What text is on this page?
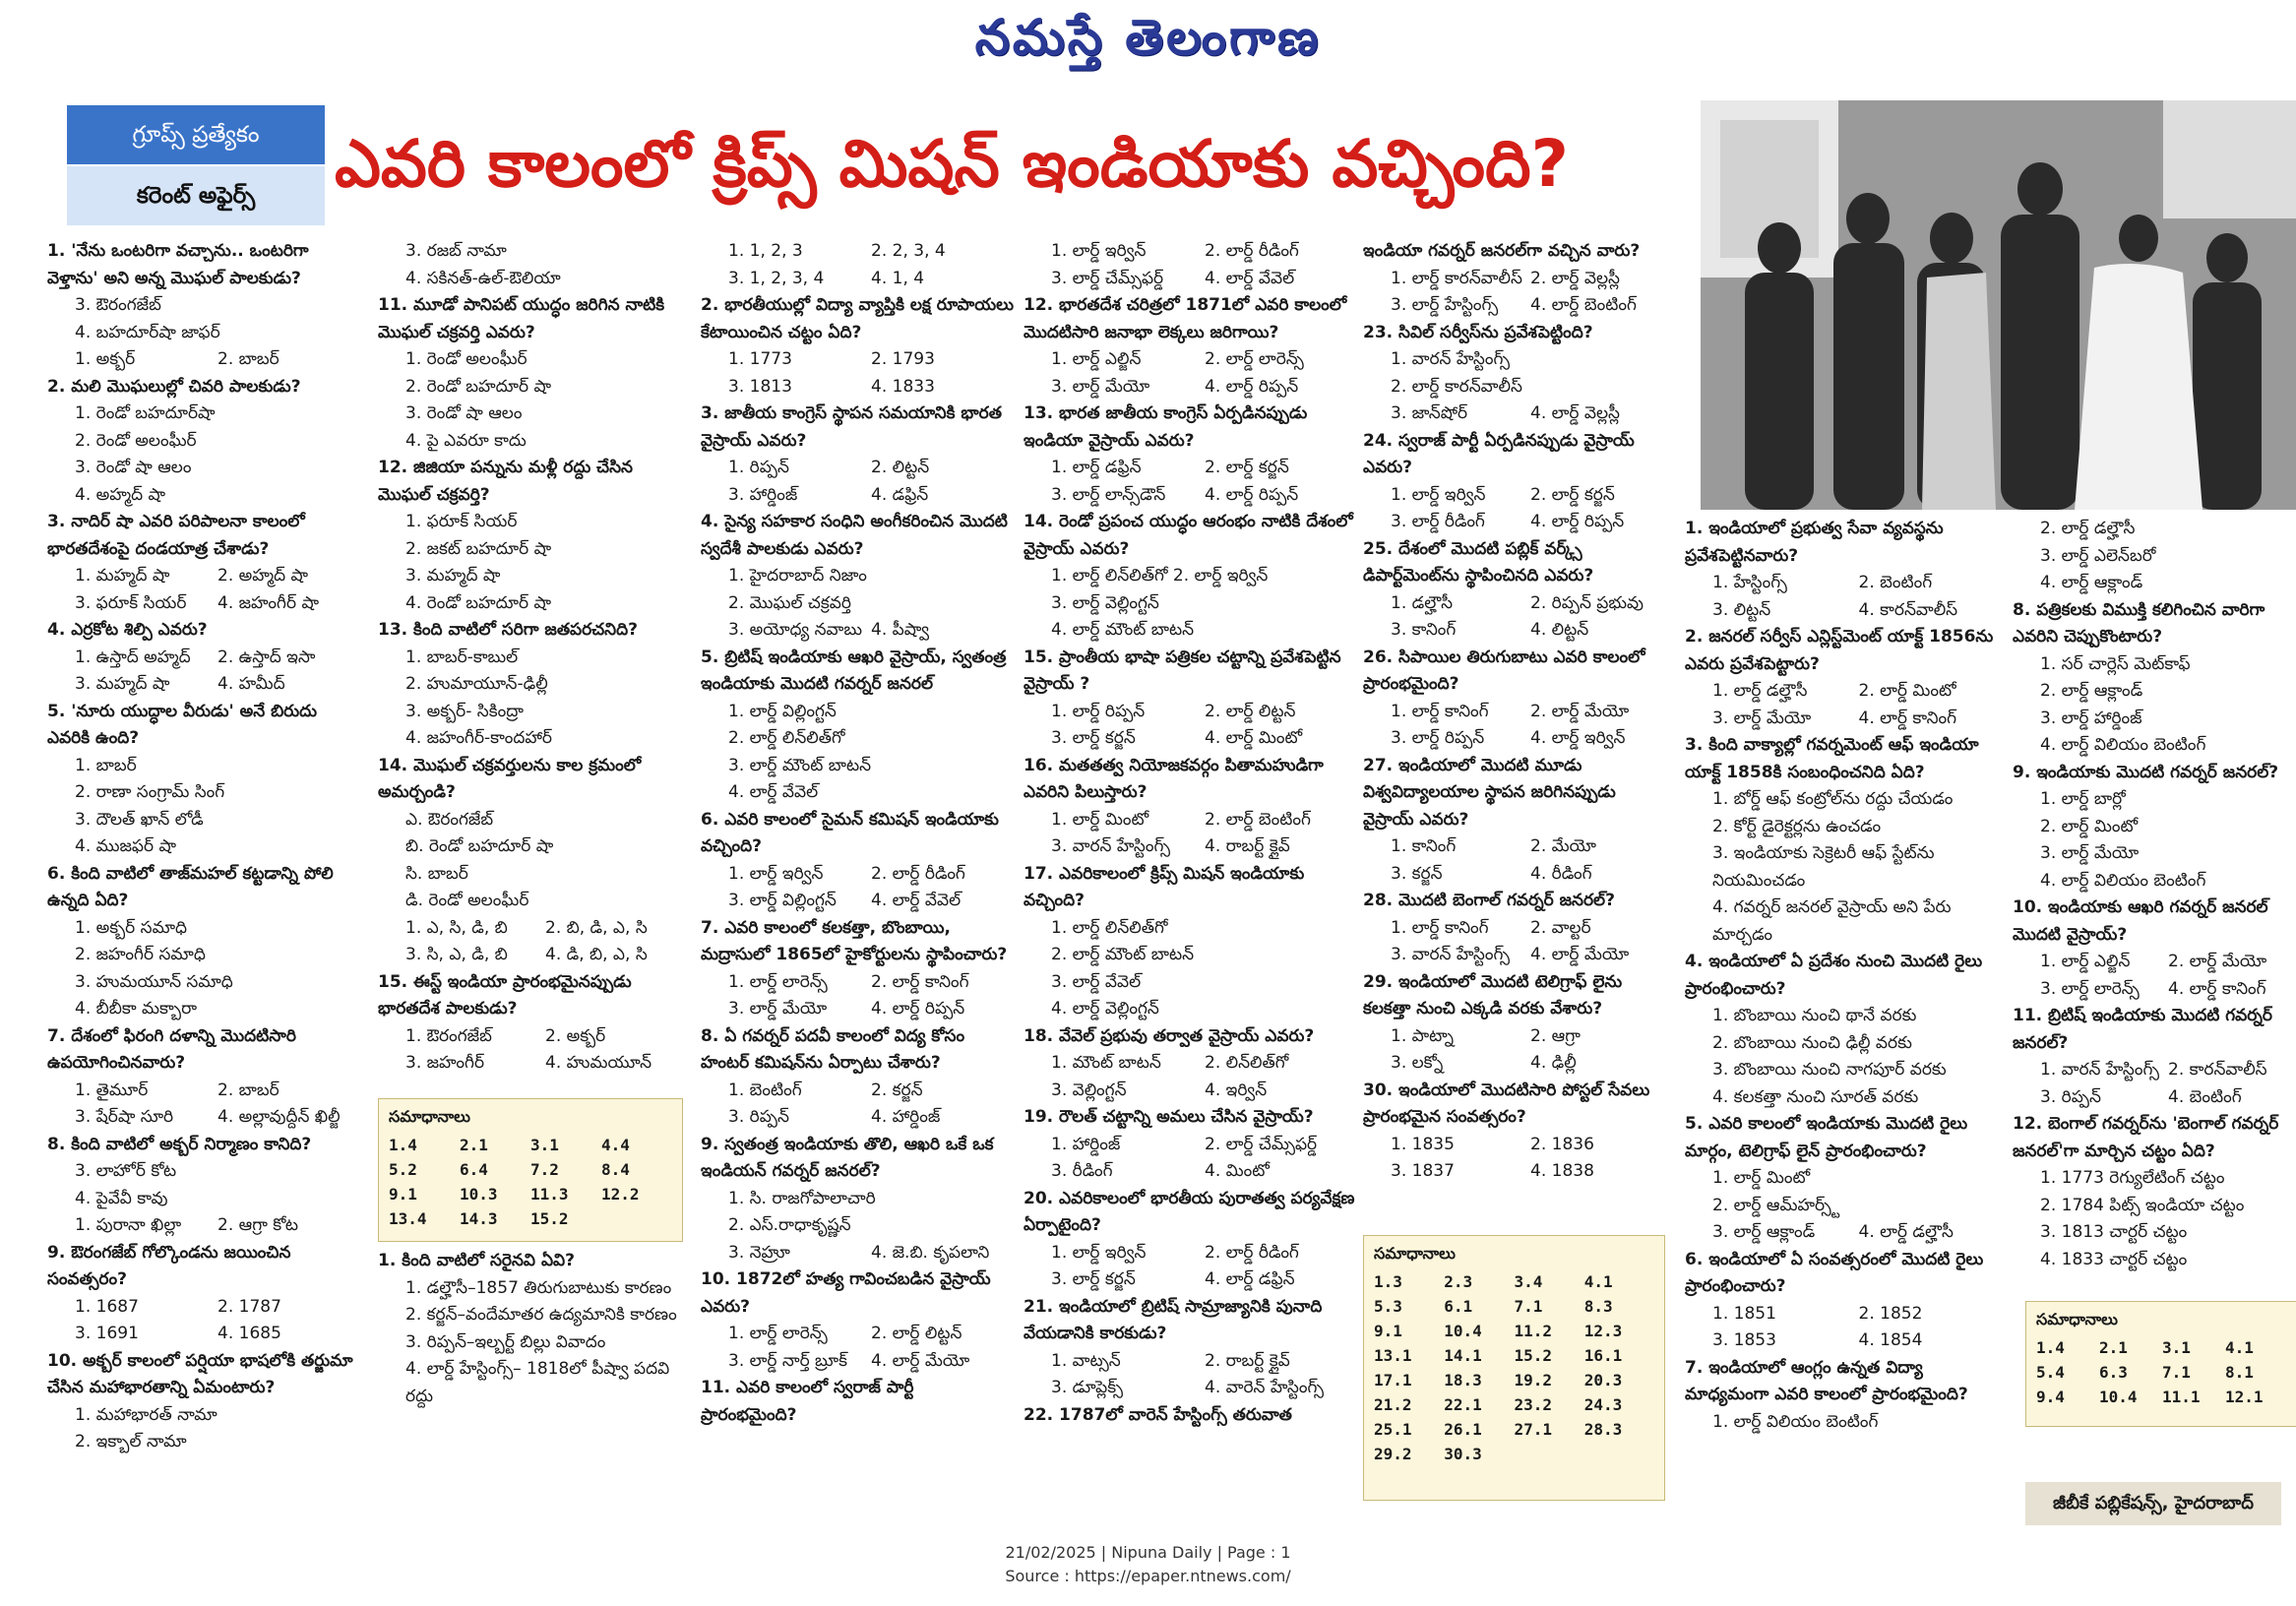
నమస్తే తెలంగాణ
గ్రూప్స్ ప్రత్యేకం
కరెంట్ అఫైర్స్	ఎవరి కాలంలో క్రిప్స్ మిషన్ ఇండియాకు వచ్చింది?

1. 'నేను ఒంటరిగా వచ్చాను.. ఒంటరిగా వెళ్తాను' అని అన్న మొఘల్ పాలకుడు?

3. ఔరంగజేబ్

4. బహదూర్‌షా జాఫర్

1. అక్బర్	2. బాబర్

2. మలి మొఘలుల్లో చివరి పాలకుడు?

1. రెండో బహదూర్‌షా

2. రెండో అలంఘీర్

3. రెండో షా ఆలం

4. అహ్మద్ షా

3. నాదిర్ షా ఎవరి పరిపాలనా కాలంలో భారతదేశంపై దండయాత్ర చేశాడు?

1. మహ్మద్ షా	2. అహ్మద్ షా
3. ఫరూక్ సియర్	4. జహంగీర్ షా

4. ఎర్రకోట శిల్పి ఎవరు?

1. ఉస్తాద్ అహ్మద్	2. ఉస్తాద్ ఇసా
3. మహ్మద్ షా	4. హమీద్

5. 'నూరు యుద్ధాల వీరుడు' అనే బిరుదు ఎవరికి ఉంది?

1. బాబర్

2. రాణా సంగ్రామ్ సింగ్

3. దౌలత్ ఖాన్ లోడీ

4. ముజఫర్ షా

6. కింది వాటిలో తాజ్‌మహల్ కట్టడాన్ని పోలి ఉన్నది ఏది?

1. అక్బర్ సమాధి

2. జహంగీర్ సమాధి

3. హుమయూన్ సమాధి

4. బీబీకా మక్బారా

7. దేశంలో ఫిరంగి దళాన్ని మొదటిసారి ఉపయోగించినవారు?

1. తైమూర్	2. బాబర్
3. షేర్‌షా సూరి	4. అల్లావుద్దీన్ ఖిల్జీ

8. కింది వాటిలో అక్బర్ నిర్మాణం కానిది?

3. లాహోర్ కోట

4. పైవేవీ కావు

1. పురానా ఖిల్లా	2. ఆగ్రా కోట

9. ఔరంగజేబ్ గోల్కొండను జయించిన సంవత్సరం?

1. 1687	2. 1787
3. 1691	4. 1685

10. అక్బర్ కాలంలో పర్షియా భాషలోకి తర్జుమా చేసిన మహాభారతాన్ని ఏమంటారు?

1. మహాభారత్ నామా

2. ఇక్బాల్ నామా

3. రజబ్ నామా

4. సకినత్-ఉల్-ఔలియా

11. మూడో పానిపట్ యుద్ధం జరిగిన నాటికి మొఘల్ చక్రవర్తి ఎవరు?

1. రెండో అలంఘీర్

2. రెండో బహదూర్ షా

3. రెండో షా ఆలం

4. పై ఎవరూ కాదు

12. జిజియా పన్నును మళ్లీ రద్దు చేసిన మొఘల్ చక్రవర్తి?

1. ఫరూక్ సియర్

2. జకట్ బహదూర్ షా

3. మహ్మద్ షా

4. రెండో బహదూర్ షా

13. కింది వాటిలో సరిగా జతపరచనిది?

1. బాబర్-కాబుల్

2. హుమాయూన్-ఢిల్లీ

3. అక్బర్- సికింద్రా

4. జహంగీర్-కాందహార్

14. మొఘల్ చక్రవర్తులను కాల క్రమంలో అమర్చండి?

ఎ. ఔరంగజేబ్

బి. రెండో బహదూర్ షా

సి. బాబర్

డి. రెండో అలంఘీర్

1. ఎ, సి, డి, బి	2. బి, డి, ఎ, సి
3. సి, ఎ, డి, బి	4. డి, బి, ఎ, సి

15. ఈస్ట్ ఇండియా ప్రారంభమైనప్పుడు భారతదేశ పాలకుడు?

1. ఔరంగజేబ్	2. అక్బర్
3. జహంగీర్	4. హుమయూన్
1. 1, 2, 3	2. 2, 3, 4
3. 1, 2, 3, 4	4. 1, 4

2. భారతీయుల్లో విద్యా వ్యాప్తికి లక్ష రూపాయలు కేటాయించిన చట్టం ఏది?

1. 1773	2. 1793
3. 1813	4. 1833

3. జాతీయ కాంగ్రెస్ స్థాపన సమయానికి భారత వైస్రాయ్ ఎవరు?

1. రిప్పన్	2. లిట్టన్
3. హార్డింజ్	4. డఫ్రిన్

4. సైన్య సహకార సంధిని అంగీకరించిన మొదటి స్వదేశీ పాలకుడు ఎవరు?

1. హైదరాబాద్ నిజాం

2. మొఘల్ చక్రవర్తి

3. అయోధ్య నవాబు 4. పీష్వా

5. బ్రిటిష్ ఇండియాకు ఆఖరి వైస్రాయ్, స్వతంత్ర ఇండియాకు మొదటి గవర్నర్ జనరల్

1. లార్డ్ విల్లింగ్టన్

2. లార్డ్ లిన్‌లిత్‌గో

3. లార్డ్ మౌంట్ బాటన్

4. లార్డ్ వేవెల్

6. ఎవరి కాలంలో సైమన్ కమిషన్ ఇండియాకు వచ్చింది?

1. లార్డ్ ఇర్విన్	2. లార్డ్ రీడింగ్
3. లార్డ్ విల్లింగ్టన్	4. లార్డ్ వేవెల్

7. ఎవరి కాలంలో కలకత్తా, బొంబాయి, మద్రాసులో 1865లో హైకోర్టులను స్థాపించారు?

1. లార్డ్ లారెన్స్	2. లార్డ్ కానింగ్
3. లార్డ్ మేయో	4. లార్డ్ రిప్పన్

8. ఏ గవర్నర్ పదవీ కాలంలో విద్య కోసం హంటర్ కమిషన్‌ను ఏర్పాటు చేశారు?

1. బెంటింగ్	2. కర్జన్
3. రిప్పన్	4. హార్డింజ్

9. స్వతంత్ర ఇండియాకు తొలి, ఆఖరి ఒకే ఒక ఇండియన్ గవర్నర్ జనరల్?

1. సి. రాజగోపాలాచారి

2. ఎస్.రాధాకృష్ణన్

3. నెహ్రూ	4. జె.బి. కృపలాని

10. 1872లో హత్య గావించబడిన వైస్రాయ్ ఎవరు?

1. లార్డ్ లారెన్స్	2. లార్డ్ లిట్టన్
3. లార్డ్ నార్త్ బ్రూక్	4. లార్డ్ మేయో

11. ఎవరి కాలంలో స్వరాజ్ పార్టీ ప్రారంభమైంది?

1. లార్డ్ ఇర్విన్	2. లార్డ్ రీడింగ్
3. లార్డ్ చేమ్స్‌ఫర్డ్	4. లార్డ్ వేవెల్

12. భారతదేశ చరిత్రలో 1871లో ఎవరి కాలంలో మొదటిసారి జనాభా లెక్కలు జరిగాయి?

1. లార్డ్ ఎల్జిన్	2. లార్డ్ లారెన్స్
3. లార్డ్ మేయో	4. లార్డ్ రిప్పన్

13. భారత జాతీయ కాంగ్రెస్ ఏర్పడినప్పుడు ఇండియా వైస్రాయ్ ఎవరు?

1. లార్డ్ డఫ్రిన్	2. లార్డ్ కర్జన్
3. లార్డ్ లాన్స్‌డౌన్	4. లార్డ్ రిప్పన్

14. రెండో ప్రపంచ యుద్ధం ఆరంభం నాటికి దేశంలో వైస్రాయ్ ఎవరు?

1. లార్డ్ లిన్‌లిత్‌గో 2. లార్డ్ ఇర్విన్

3. లార్డ్ వెల్లింగ్టన్

4. లార్డ్ మౌంట్ బాటన్

15. ప్రాంతీయ భాషా పత్రికల చట్టాన్ని ప్రవేశపెట్టిన వైస్రాయ్ ?

1. లార్డ్ రిప్పన్	2. లార్డ్ లిట్టన్
3. లార్డ్ కర్జన్	4. లార్డ్ మింటో

16. మతతత్వ నియోజకవర్గం పితామహుడిగా ఎవరిని పిలుస్తారు?

1. లార్డ్ మింటో	2. లార్డ్ బెంటింగ్
3. వారన్ హేస్టింగ్స్	4. రాబర్ట్ క్లైవ్

17. ఎవరికాలంలో క్రిప్స్ మిషన్ ఇండియాకు వచ్చింది?

1. లార్డ్ లిన్‌లిత్‌గో

2. లార్డ్ మౌంట్ బాటన్

3. లార్డ్ వేవెల్

4. లార్డ్ వెల్లింగ్టన్

18. వేవెల్ ప్రభువు తర్వాత వైస్రాయ్ ఎవరు?

1. మౌంట్ బాటన్	2. లిన్‌లిత్‌గో
3. వెల్లింగ్టన్	4. ఇర్విన్

19. రౌలత్ చట్టాన్ని అమలు చేసిన వైస్రాయ్?

1. హార్డింజ్	2. లార్డ్ చేమ్స్‌ఫర్డ్
3. రీడింగ్	4. మింటో

20. ఎవరికాలంలో భారతీయ పురాతత్వ పర్యవేక్షణ ఏర్పాటైంది?

1. లార్డ్ ఇర్విన్	2. లార్డ్ రీడింగ్
3. లార్డ్ కర్జన్	4. లార్డ్ డఫ్రిన్

21. ఇండియాలో బ్రిటిష్ సామ్రాజ్యానికి పునాది వేయడానికి కారకుడు?

1. వాట్సన్	2. రాబర్ట్ క్లైవ్
3. డూప్లెక్స్	4. వారెన్ హేస్టింగ్స్

22. 1787లో వారెన్ హేస్టింగ్స్ తరువాత

ఇండియా గవర్నర్ జనరల్‌గా వచ్చిన వారు?

1. లార్డ్ కారన్‌వాలీస్ 2. లార్డ్ వెల్లస్లీ
3. లార్డ్ హేస్టింగ్స్	4. లార్డ్ బెంటింగ్

23. సివిల్ సర్వీస్‌ను ప్రవేశపెట్టింది?

1. వారన్ హేస్టింగ్స్

2. లార్డ్ కారన్‌వాలీస్

3. జాన్‌షోర్	4. లార్డ్ వెల్లస్లీ

24. స్వరాజ్ పార్టీ ఏర్పడినప్పుడు వైస్రాయ్ ఎవరు?

1. లార్డ్ ఇర్విన్	2. లార్డ్ కర్జన్
3. లార్డ్ రీడింగ్	4. లార్డ్ రిప్పన్

25. దేశంలో మొదటి పబ్లిక్ వర్క్స్ డిపార్ట్‌మెంట్‌ను స్థాపించినది ఎవరు?

1. డల్హౌసీ	2. రిప్పన్ ప్రభువు
3. కానింగ్	4. లిట్టన్

26. సిపాయిల తిరుగుబాటు ఎవరి కాలంలో ప్రారంభమైంది?

1. లార్డ్ కానింగ్	2. లార్డ్ మేయో
3. లార్డ్ రిప్పన్	4. లార్డ్ ఇర్విన్

27. ఇండియాలో మొదటి మూడు విశ్వవిద్యాలయాల స్థాపన జరిగినప్పుడు వైస్రాయ్ ఎవరు?

1. కానింగ్	2. మేయో
3. కర్జన్	4. రీడింగ్

28. మొదటి బెంగాల్ గవర్నర్ జనరల్?

1. లార్డ్ కానింగ్	2. వాల్టర్
3. వారన్ హేస్టింగ్స్	4. లార్డ్ మేయో

29. ఇండియాలో మొదటి టెలిగ్రాఫ్ లైను కలకత్తా నుంచి ఎక్కడి వరకు వేశారు?

1. పాట్నా	2. ఆగ్రా
3. లక్నో	4. ఢిల్లీ

30. ఇండియాలో మొదటిసారి పోస్టల్ సేవలు ప్రారంభమైన సంవత్సరం?

1. 1835	2. 1836
3. 1837	4. 1838

1. ఇండియాలో ప్రభుత్వ సేవా వ్యవస్థను ప్రవేశపెట్టినవారు?

1. హేస్టింగ్స్	2. బెంటింగ్
3. లిట్టన్	4. కారన్‌వాలీస్

2. జనరల్ సర్వీస్ ఎన్లిస్ట్‌మెంట్ యాక్ట్ 1856ను ఎవరు ప్రవేశపెట్టారు?

1. లార్డ్ డల్హౌసీ	2. లార్డ్ మింటో
3. లార్డ్ మేయో	4. లార్డ్ కానింగ్

3. కింది వాక్యాల్లో గవర్నమెంట్ ఆఫ్ ఇండియా యాక్ట్ 1858కి సంబంధించనిది ఏది?

1. బోర్డ్ ఆఫ్ కంట్రోల్‌ను రద్దు చేయడం

2. కోర్ట్ డైరెక్టర్లను ఉంచడం

3. ఇండియాకు సెక్రెటరీ ఆఫ్ స్టేట్‌ను నియమించడం

4. గవర్నర్ జనరల్ వైస్రాయ్ అని పేరు మార్చడం

4. ఇండియాలో ఏ ప్రదేశం నుంచి మొదటి రైలు ప్రారంభించారు?

1. బొంబాయి నుంచి థానే వరకు

2. బొంబాయి నుంచి ఢిల్లీ వరకు

3. బొంబాయి నుంచి నాగపూర్ వరకు

4. కలకత్తా నుంచి సూరత్ వరకు

5. ఎవరి కాలంలో ఇండియాకు మొదటి రైలు మార్గం, టెలిగ్రాఫ్ లైన్ ప్రారంభించారు?

1. లార్డ్ మింటో

2. లార్డ్ ఆమ్‌హర్స్ట్

3. లార్డ్ ఆక్లాండ్	4. లార్డ్ డల్హౌసీ

6. ఇండియాలో ఏ సంవత్సరంలో మొదటి రైలు ప్రారంభించారు?

1. 1851	2. 1852
3. 1853	4. 1854

7. ఇండియాలో ఆంగ్లం ఉన్నత విద్యా మాధ్యమంగా ఎవరి కాలంలో ప్రారంభమైంది?

1. లార్డ్ విలియం బెంటింగ్

2. లార్డ్ డల్హౌసీ

3. లార్డ్ ఎలెన్‌బరో

4. లార్డ్ ఆక్లాండ్

8. పత్రికలకు విముక్తి కలిగించిన వారిగా ఎవరిని చెప్పుకొంటారు?

1. సర్ చార్లెస్ మెట్‌కాఫ్

2. లార్డ్ ఆక్లాండ్

3. లార్డ్ హార్డింజ్

4. లార్డ్ విలియం బెంటింగ్

9. ఇండియాకు మొదటి గవర్నర్ జనరల్?

1. లార్డ్ బార్లో

2. లార్డ్ మింటో

3. లార్డ్ మేయో

4. లార్డ్ విలియం బెంటింగ్

10. ఇండియాకు ఆఖరి గవర్నర్ జనరల్ మొదటి వైస్రాయ్?

1. లార్డ్ ఎల్జిన్	2. లార్డ్ మేయో
3. లార్డ్ లారెన్స్	4. లార్డ్ కానింగ్

11. బ్రిటిష్ ఇండియాకు మొదటి గవర్నర్ జనరల్?

1. వారన్ హేస్టింగ్స్ 2. కారన్‌వాలీస్
3. రిప్పన్	4. బెంటింగ్

12. బెంగాల్ గవర్నర్‌ను 'బెంగాల్ గవర్నర్ జనరల్'గా మార్చిన చట్టం ఏది?

1. 1773 రెగ్యులేటింగ్ చట్టం

2. 1784 పిట్స్ ఇండియా చట్టం

3. 1813 చార్టర్ చట్టం

4. 1833 చార్టర్ చట్టం

1. కింది వాటిలో సరైనవి ఏవి?

1. డల్హౌసీ–1857 తిరుగుబాటుకు కారణం

2. కర్జన్–వందేమాతర ఉద్యమానికి కారణం

3. రిప్పన్–ఇల్బర్ట్ బిల్లు వివాదం

4. లార్డ్ హేస్టింగ్స్– 1818లో పీష్వా పదవి రద్దు

సమాధానాలు
1.4	2.1	3.1	4.4
5.2	6.4	7.2	8.4
9.1	10.3	11.3	12.2
13.4	14.3	15.2
సమాధానాలు
1.3	2.3	3.4	4.1
5.3	6.1	7.1	8.3
9.1	10.4	11.2	12.3
13.1	14.1	15.2	16.1
17.1	18.3	19.2	20.3
21.2	22.1	23.2	24.3
25.1	26.1	27.1	28.3
29.2	30.3
సమాధానాలు
1.4	2.1	3.1	4.1
5.4	6.3	7.1	8.1
9.4	10.4	11.1	12.1
జీబీకే పబ్లికేషన్స్, హైదరాబాద్
21/02/2025 | Nipuna Daily | Page : 1
Source : https://epaper.ntnews.com/
